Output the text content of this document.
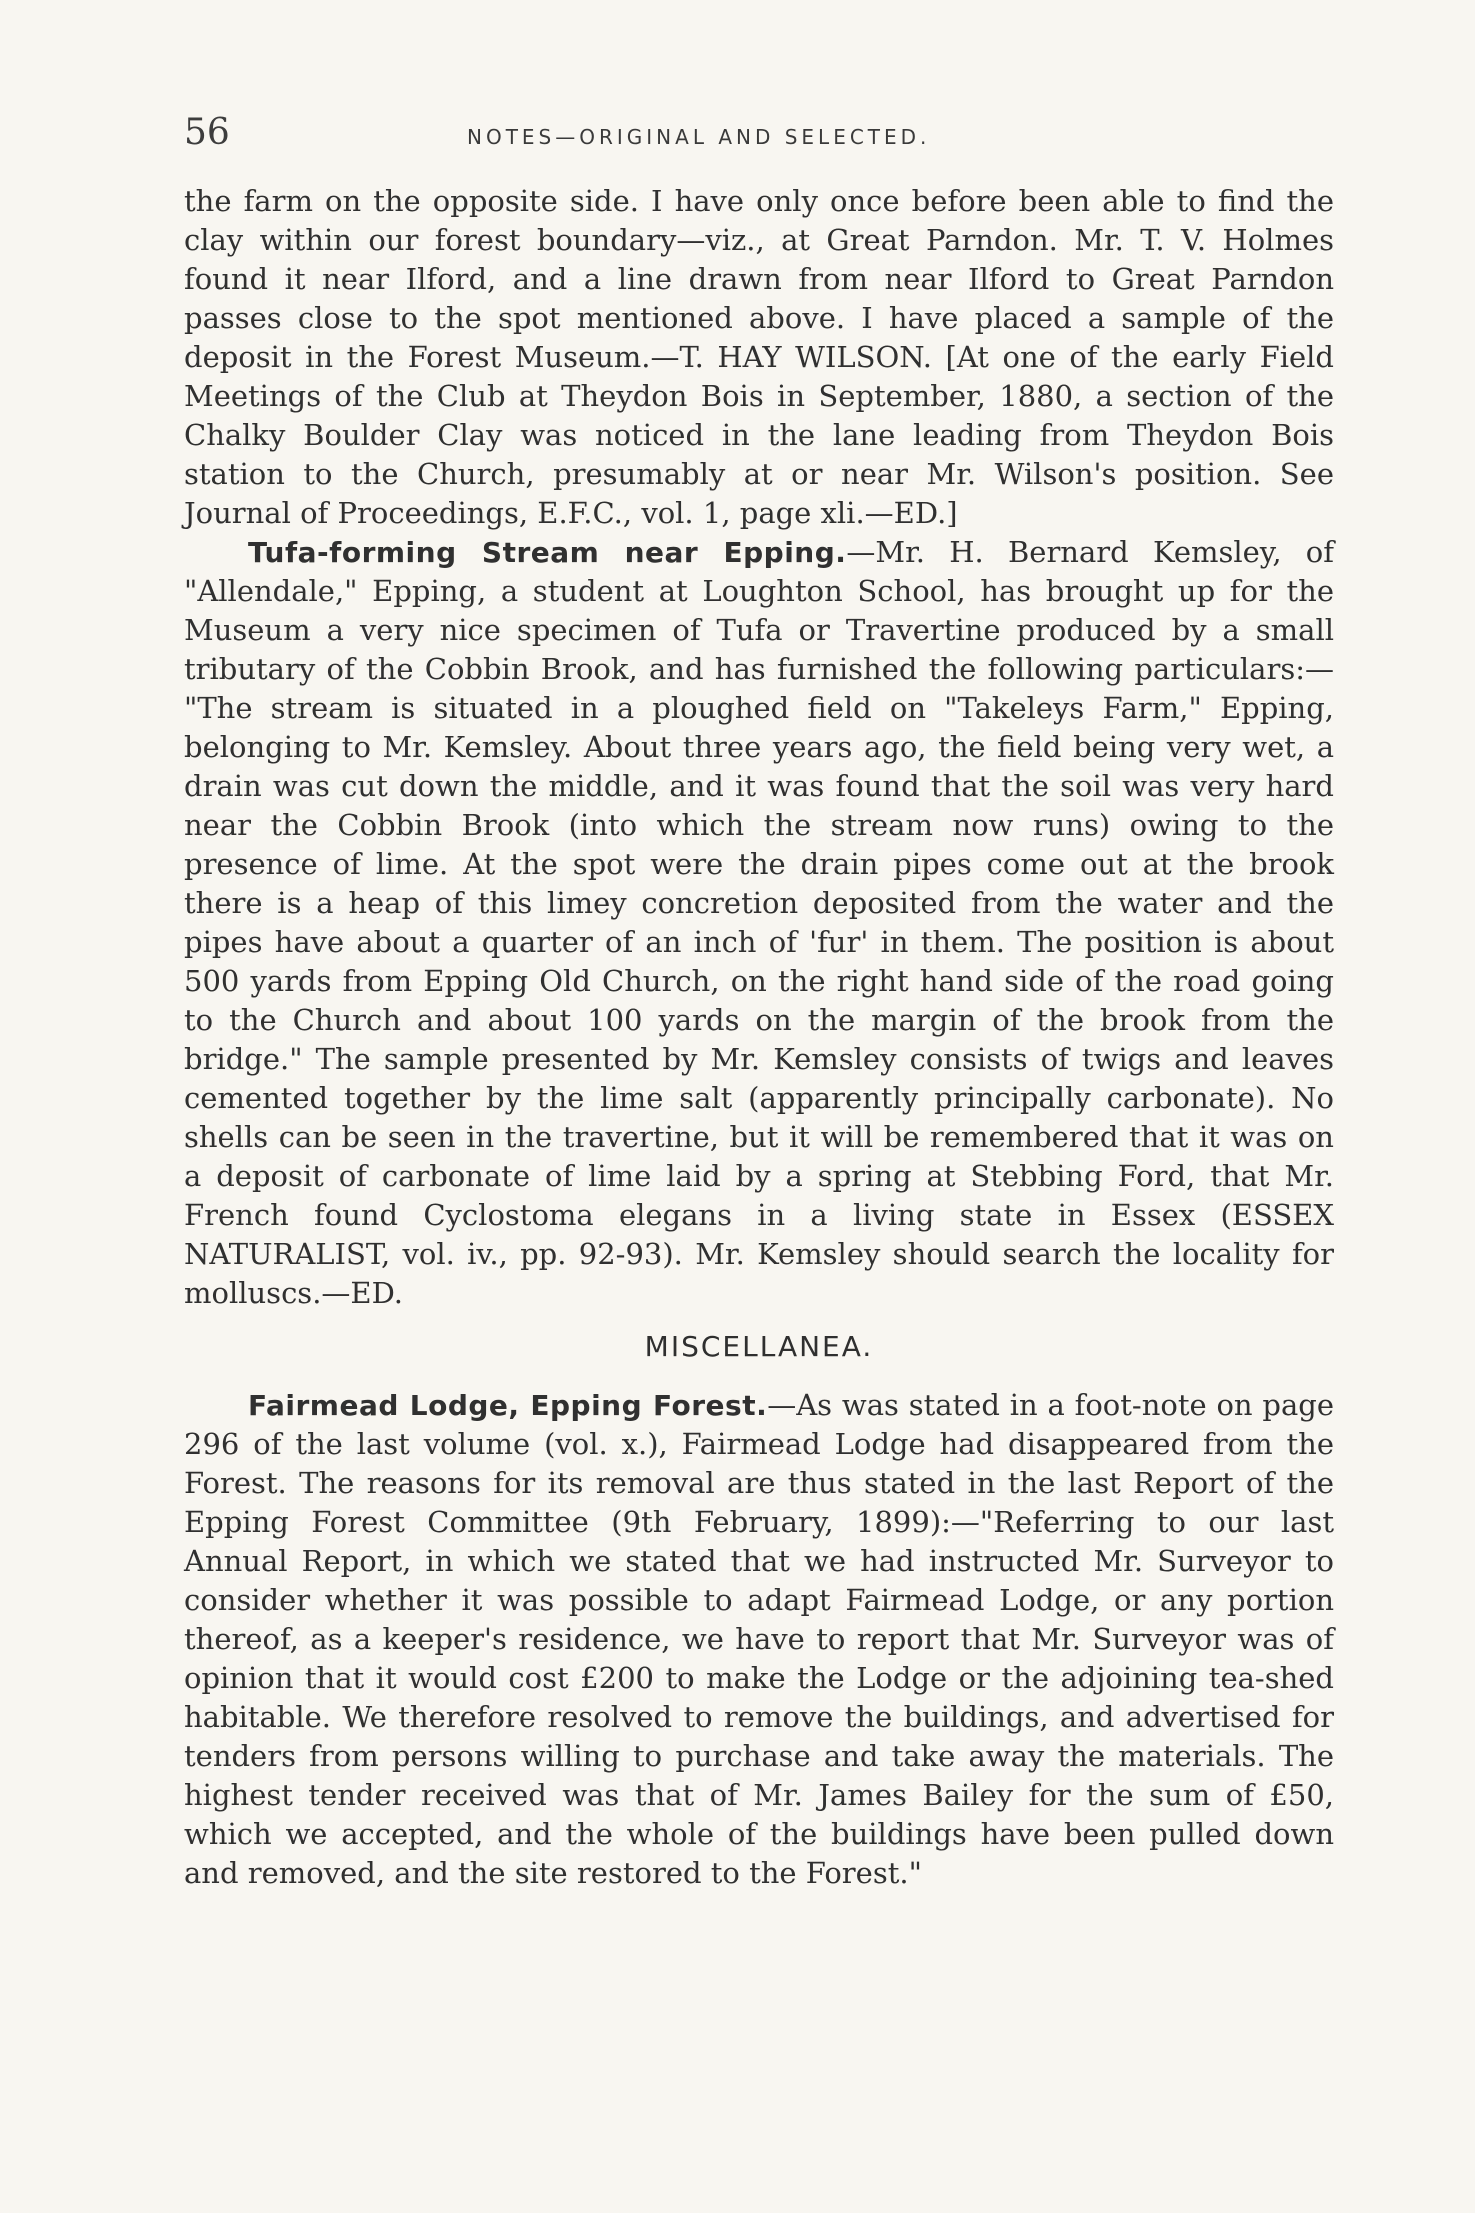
56	NOTES—ORIGINAL AND SELECTED.

the farm on the opposite side. I have only once before been able to find the clay within our forest boundary—viz., at Great Parndon. Mr. T. V. Holmes found it near Ilford, and a line drawn from near Ilford to Great Parndon passes close to the spot mentioned above. I have placed a sample of the deposit in the Forest Museum.—T. HAY WILSON. [At one of the early Field Meetings of the Club at Theydon Bois in September, 1880, a section of the Chalky Boulder Clay was noticed in the lane leading from Theydon Bois station to the Church, presumably at or near Mr. Wilson's position. See Journal of Proceedings, E.F.C., vol. 1, page xli.—ED.]

Tufa-forming Stream near Epping.—Mr. H. Bernard Kemsley, of "Allendale," Epping, a student at Loughton School, has brought up for the Museum a very nice specimen of Tufa or Travertine produced by a small tributary of the Cobbin Brook, and has furnished the following particulars:— "The stream is situated in a ploughed field on "Takeleys Farm," Epping, belonging to Mr. Kemsley. About three years ago, the field being very wet, a drain was cut down the middle, and it was found that the soil was very hard near the Cobbin Brook (into which the stream now runs) owing to the presence of lime. At the spot were the drain pipes come out at the brook there is a heap of this limey concretion deposited from the water and the pipes have about a quarter of an inch of 'fur' in them. The position is about 500 yards from Epping Old Church, on the right hand side of the road going to the Church and about 100 yards on the margin of the brook from the bridge." The sample presented by Mr. Kemsley consists of twigs and leaves cemented together by the lime salt (apparently principally carbonate). No shells can be seen in the travertine, but it will be remembered that it was on a deposit of carbonate of lime laid by a spring at Stebbing Ford, that Mr. French found Cyclostoma elegans in a living state in Essex (ESSEX NATURALIST, vol. iv., pp. 92-93). Mr. Kemsley should search the locality for molluscs.—ED.

MISCELLANEA.

Fairmead Lodge, Epping Forest.—As was stated in a foot-note on page 296 of the last volume (vol. x.), Fairmead Lodge had disappeared from the Forest. The reasons for its removal are thus stated in the last Report of the Epping Forest Committee (9th February, 1899):—"Referring to our last Annual Report, in which we stated that we had instructed Mr. Surveyor to consider whether it was possible to adapt Fairmead Lodge, or any portion thereof, as a keeper's residence, we have to report that Mr. Surveyor was of opinion that it would cost £200 to make the Lodge or the adjoining tea-shed habitable. We therefore resolved to remove the buildings, and advertised for tenders from persons willing to purchase and take away the materials. The highest tender received was that of Mr. James Bailey for the sum of £50, which we accepted, and the whole of the buildings have been pulled down and removed, and the site restored to the Forest."
